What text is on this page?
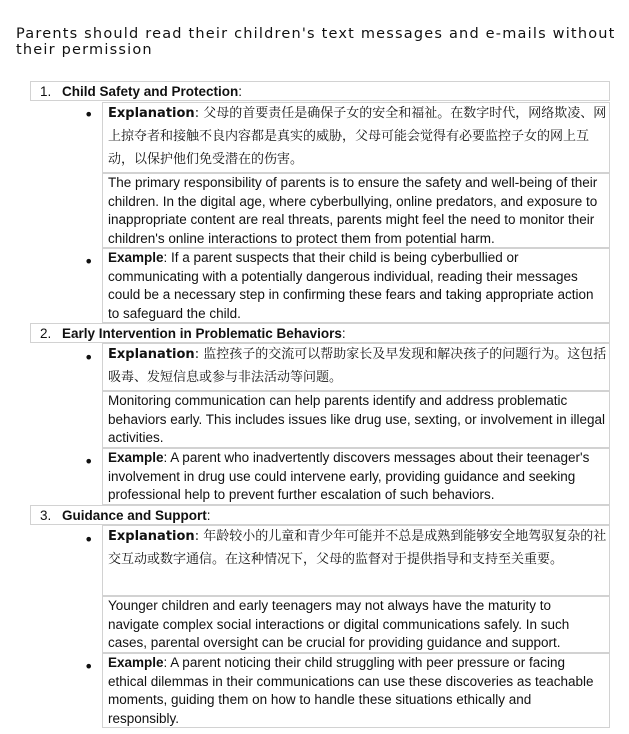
Parents should read their children's text messages and e-mails without their permission
1. Child Safety and Protection:
•	Explanation: 父母的首要责任是确保子女的安全和福祉。在数字时代，网络欺凌、网上掠夺者和接触不良内容都是真实的威胁，父母可能会觉得有必要监控子女的网上互动，以保护他们免受潜在的伤害。
The primary responsibility of parents is to ensure the safety and well-being of their children. In the digital age, where cyberbullying, online predators, and exposure to inappropriate content are real threats, parents might feel the need to monitor their children's online interactions to protect them from potential harm.
•	Example: If a parent suspects that their child is being cyberbullied or communicating with a potentially dangerous individual, reading their messages could be a necessary step in confirming these fears and taking appropriate action to safeguard the child.
2. Early Intervention in Problematic Behaviors:
•	Explanation: 监控孩子的交流可以帮助家长及早发现和解决孩子的问题行为。这包括吸毒、发短信息或参与非法活动等问题。
Monitoring communication can help parents identify and address problematic behaviors early. This includes issues like drug use, sexting, or involvement in illegal activities.
•	Example: A parent who inadvertently discovers messages about their teenager's involvement in drug use could intervene early, providing guidance and seeking professional help to prevent further escalation of such behaviors.
3. Guidance and Support:
•	Explanation: 年龄较小的儿童和青少年可能并不总是成熟到能够安全地驾驭复杂的社交互动或数字通信。在这种情况下，父母的监督对于提供指导和支持至关重要。
Younger children and early teenagers may not always have the maturity to navigate complex social interactions or digital communications safely. In such cases, parental oversight can be crucial for providing guidance and support.
•	Example: A parent noticing their child struggling with peer pressure or facing ethical dilemmas in their communications can use these discoveries as teachable moments, guiding them on how to handle these situations ethically and responsibly.
